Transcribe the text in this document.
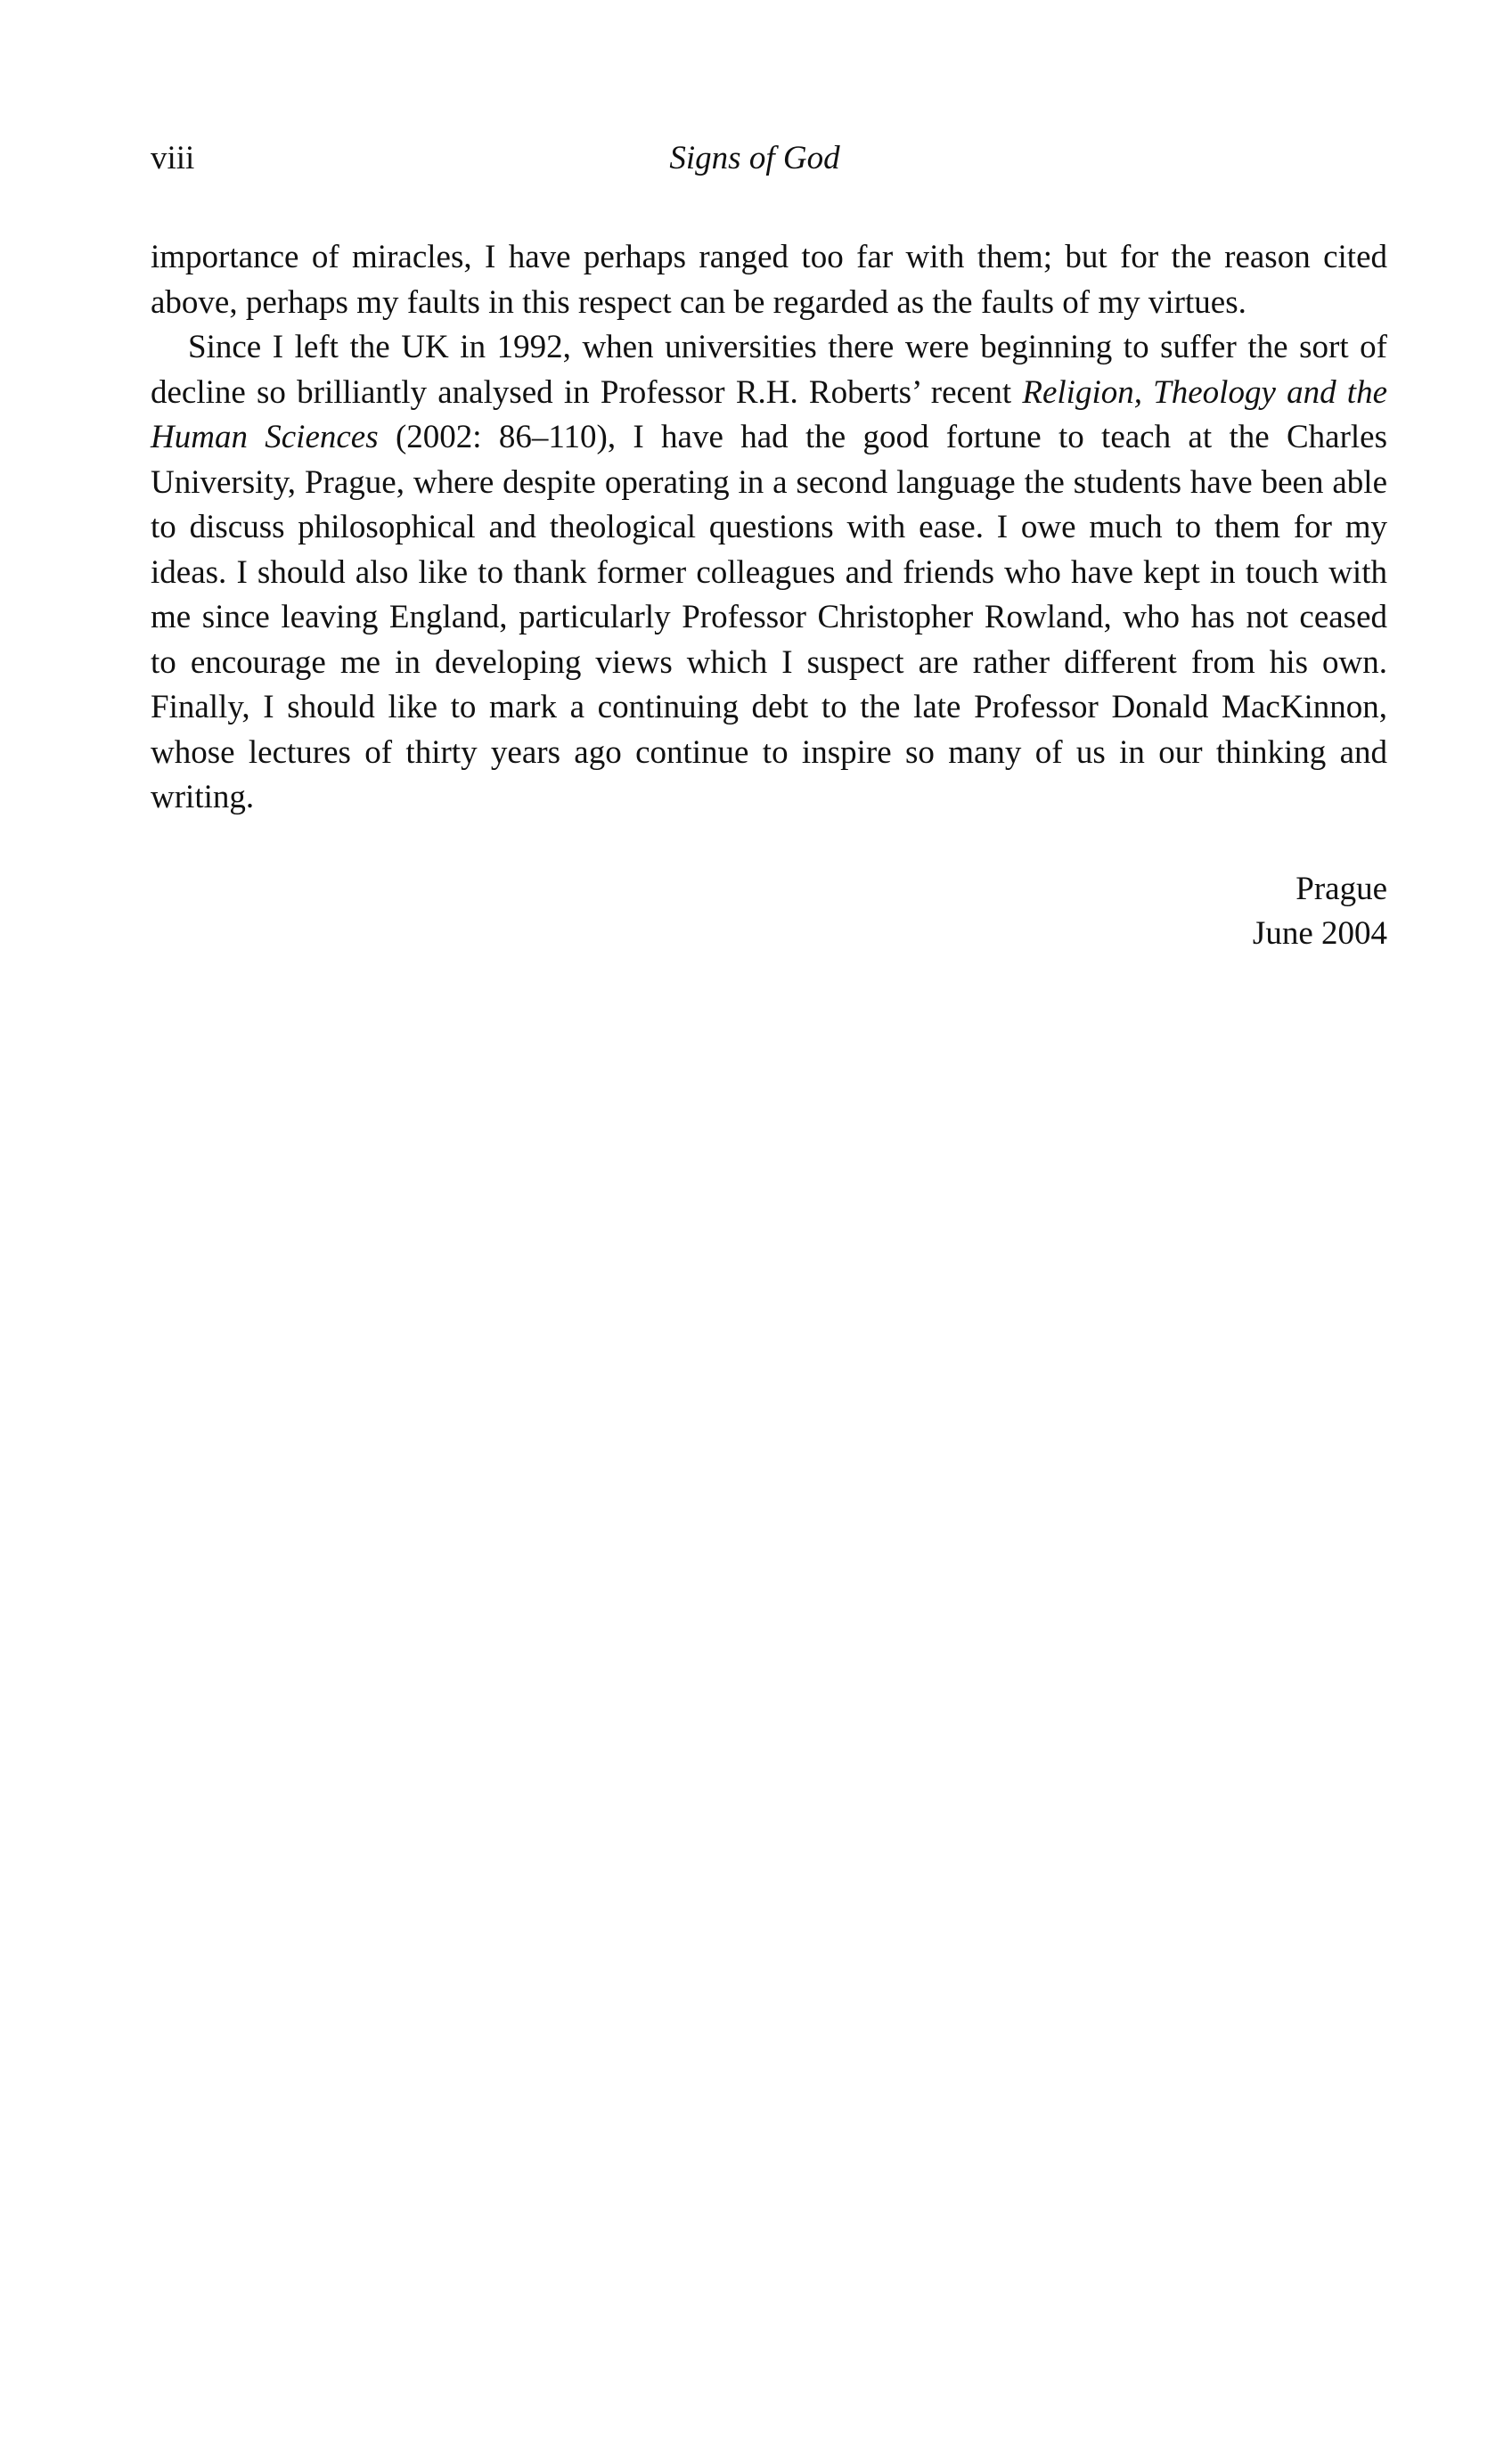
viii	Signs of God

importance of miracles, I have perhaps ranged too far with them; but for the reason cited above, perhaps my faults in this respect can be regarded as the faults of my virtues.

Since I left the UK in 1992, when universities there were beginning to suffer the sort of decline so brilliantly analysed in Professor R.H. Roberts’ recent Religion, Theology and the Human Sciences (2002: 86–110), I have had the good fortune to teach at the Charles University, Prague, where despite operating in a second language the students have been able to discuss philosophical and theological questions with ease. I owe much to them for my ideas. I should also like to thank former colleagues and friends who have kept in touch with me since leaving England, particularly Professor Christopher Rowland, who has not ceased to encourage me in developing views which I suspect are rather different from his own. Finally, I should like to mark a continuing debt to the late Professor Donald MacKinnon, whose lectures of thirty years ago continue to inspire so many of us in our thinking and writing.

Prague
June 2004
